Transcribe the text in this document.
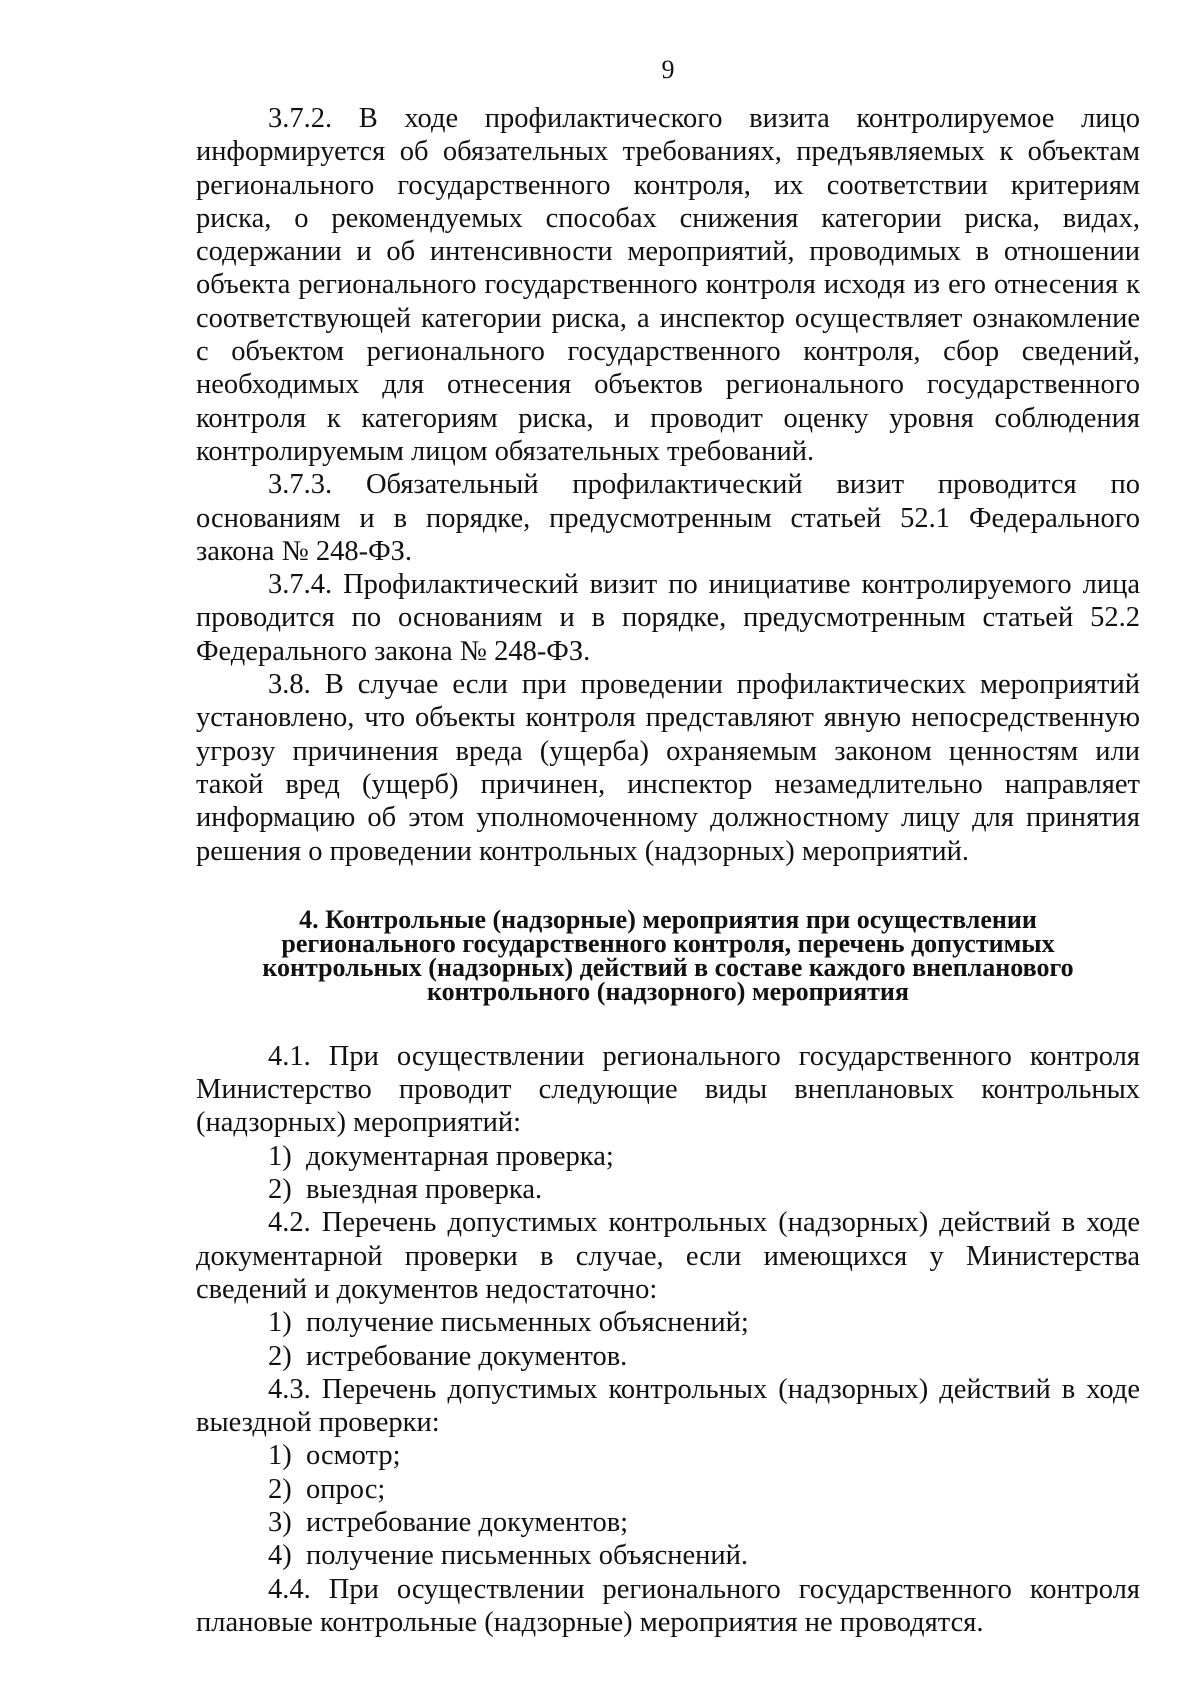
9

3.7.2. В ходе профилактического визита контролируемое лицо информируется об обязательных требованиях, предъявляемых к объектам регионального государственного контроля, их соответствии критериям риска, о рекомендуемых способах снижения категории риска, видах, содержании и об интенсивности мероприятий, проводимых в отношении объекта регионального государственного контроля исходя из его отнесения к соответствующей категории риска, а инспектор осуществляет ознакомление с объектом регионального государственного контроля, сбор сведений, необходимых для отнесения объектов регионального государственного контроля к категориям риска, и проводит оценку уровня соблюдения контролируемым лицом обязательных требований.

3.7.3. Обязательный профилактический визит проводится по основаниям и в порядке, предусмотренным статьей 52.1 Федерального закона № 248-ФЗ.

3.7.4. Профилактический визит по инициативе контролируемого лица проводится по основаниям и в порядке, предусмотренным статьей 52.2 Федерального закона № 248-ФЗ.

3.8. В случае если при проведении профилактических мероприятий установлено, что объекты контроля представляют явную непосредственную угрозу причинения вреда (ущерба) охраняемым законом ценностям или такой вред (ущерб) причинен, инспектор незамедлительно направляет информацию об этом уполномоченному должностному лицу для принятия решения о проведении контрольных (надзорных) мероприятий.

4. Контрольные (надзорные) мероприятия при осуществлении
регионального государственного контроля, перечень допустимых
контрольных (надзорных) действий в составе каждого внепланового
контрольного (надзорного) мероприятия

4.1. При осуществлении регионального государственного контроля Министерство проводит следующие виды внеплановых контрольных (надзорных) мероприятий:

1) документарная проверка;
2) выездная проверка.

4.2. Перечень допустимых контрольных (надзорных) действий в ходе документарной проверки в случае, если имеющихся у Министерства сведений и документов недостаточно:

1) получение письменных объяснений;
2) истребование документов.

4.3. Перечень допустимых контрольных (надзорных) действий в ходе выездной проверки:

1) осмотр;
2) опрос;
3) истребование документов;
4) получение письменных объяснений.

4.4. При осуществлении регионального государственного контроля плановые контрольные (надзорные) мероприятия не проводятся.
